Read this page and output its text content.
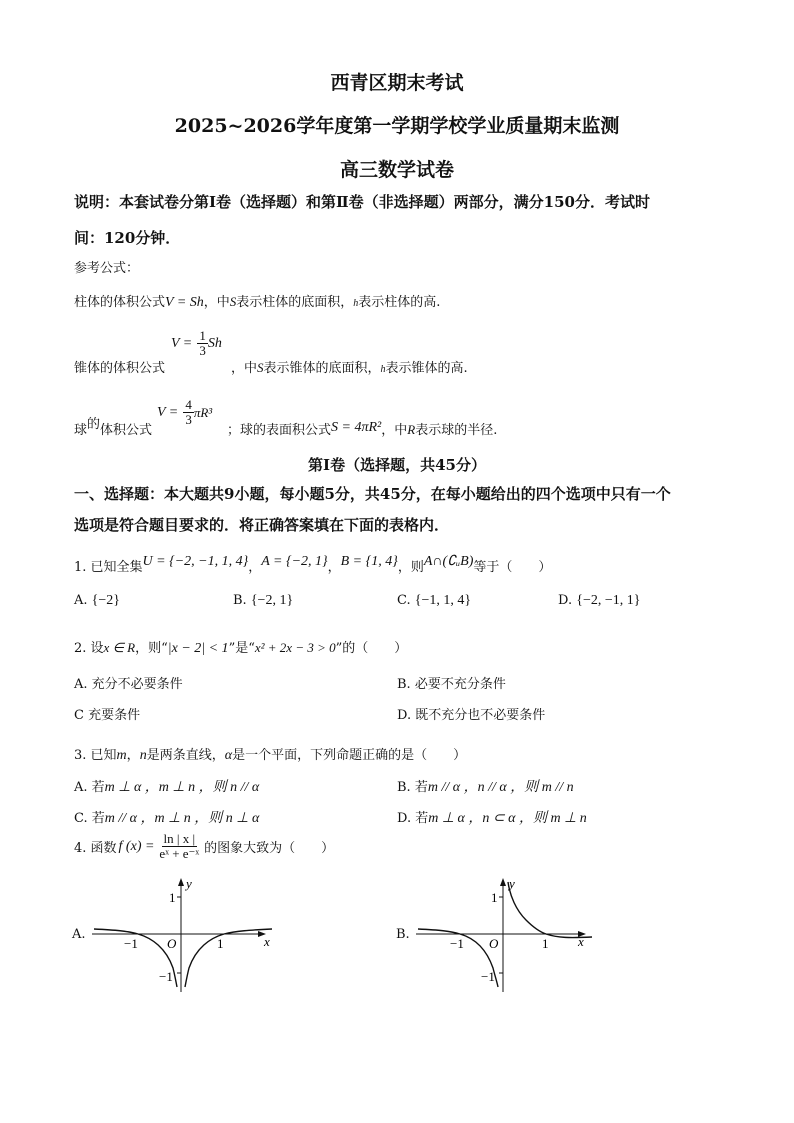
西青区期末考试
2025~2026学年度第一学期学校学业质量期末监测
高三数学试卷
说明：本套试卷分第Ⅰ卷（选择题）和第Ⅱ卷（非选择题）两部分，满分150分．考试时
间：120分钟．
参考公式：
柱体的体积公式V = Sh，中S表示柱体的底面积，h表示柱体的高.
锥体的体积公式
$V = \frac{1}{3}$ Sh
，中S表示锥体的底面积，h表示锥体的高.
球的体积公式
$V = \frac{4}{3} \pi R^3$
；球的表面积公式S = 4πR²，中R表示球的半径.
第Ⅰ卷（选择题，共45分）
一、选择题：本大题共9小题，每小题5分，共45分，在每小题给出的四个选项中只有一个
选项是符合题目要求的．将正确答案填在下面的表格内．
1. 已知全集U = {−2, −1, 1, 4}，A = {−2, 1}，B = {1, 4}，则A∩(∁ᵤB)等于（　　）
A. {−2}	B. {−2, 1}	C. {−1, 1, 4}	D. {−2, −1, 1}
2. 设x ∈ R，则“|x − 2| < 1”是“x² + 2x − 3 > 0”的（　　）
A. 充分不必要条件	B. 必要不充分条件
C 充要条件	D. 既不充分也不必要条件
3. 已知m，n是两条直线，α是一个平面，下列命题正确的是（　　）
A. 若m ⊥ α ，m ⊥ n ，则 n // α	B. 若m // α ，n // α ，则 m // n
C. 若m // α ，m ⊥ n ，则 n ⊥ α	D. 若m ⊥ α ，n ⊂ α ，则 m ⊥ n
4. 函数 f $(x) = \frac{\ln | x |}{\text{eˣ + e⁻ˣ}}$ 的图象大致为（　　）
A.	B.
y
x
O
1
−1	1
−1
y
x
O
1
−1	1
−1
